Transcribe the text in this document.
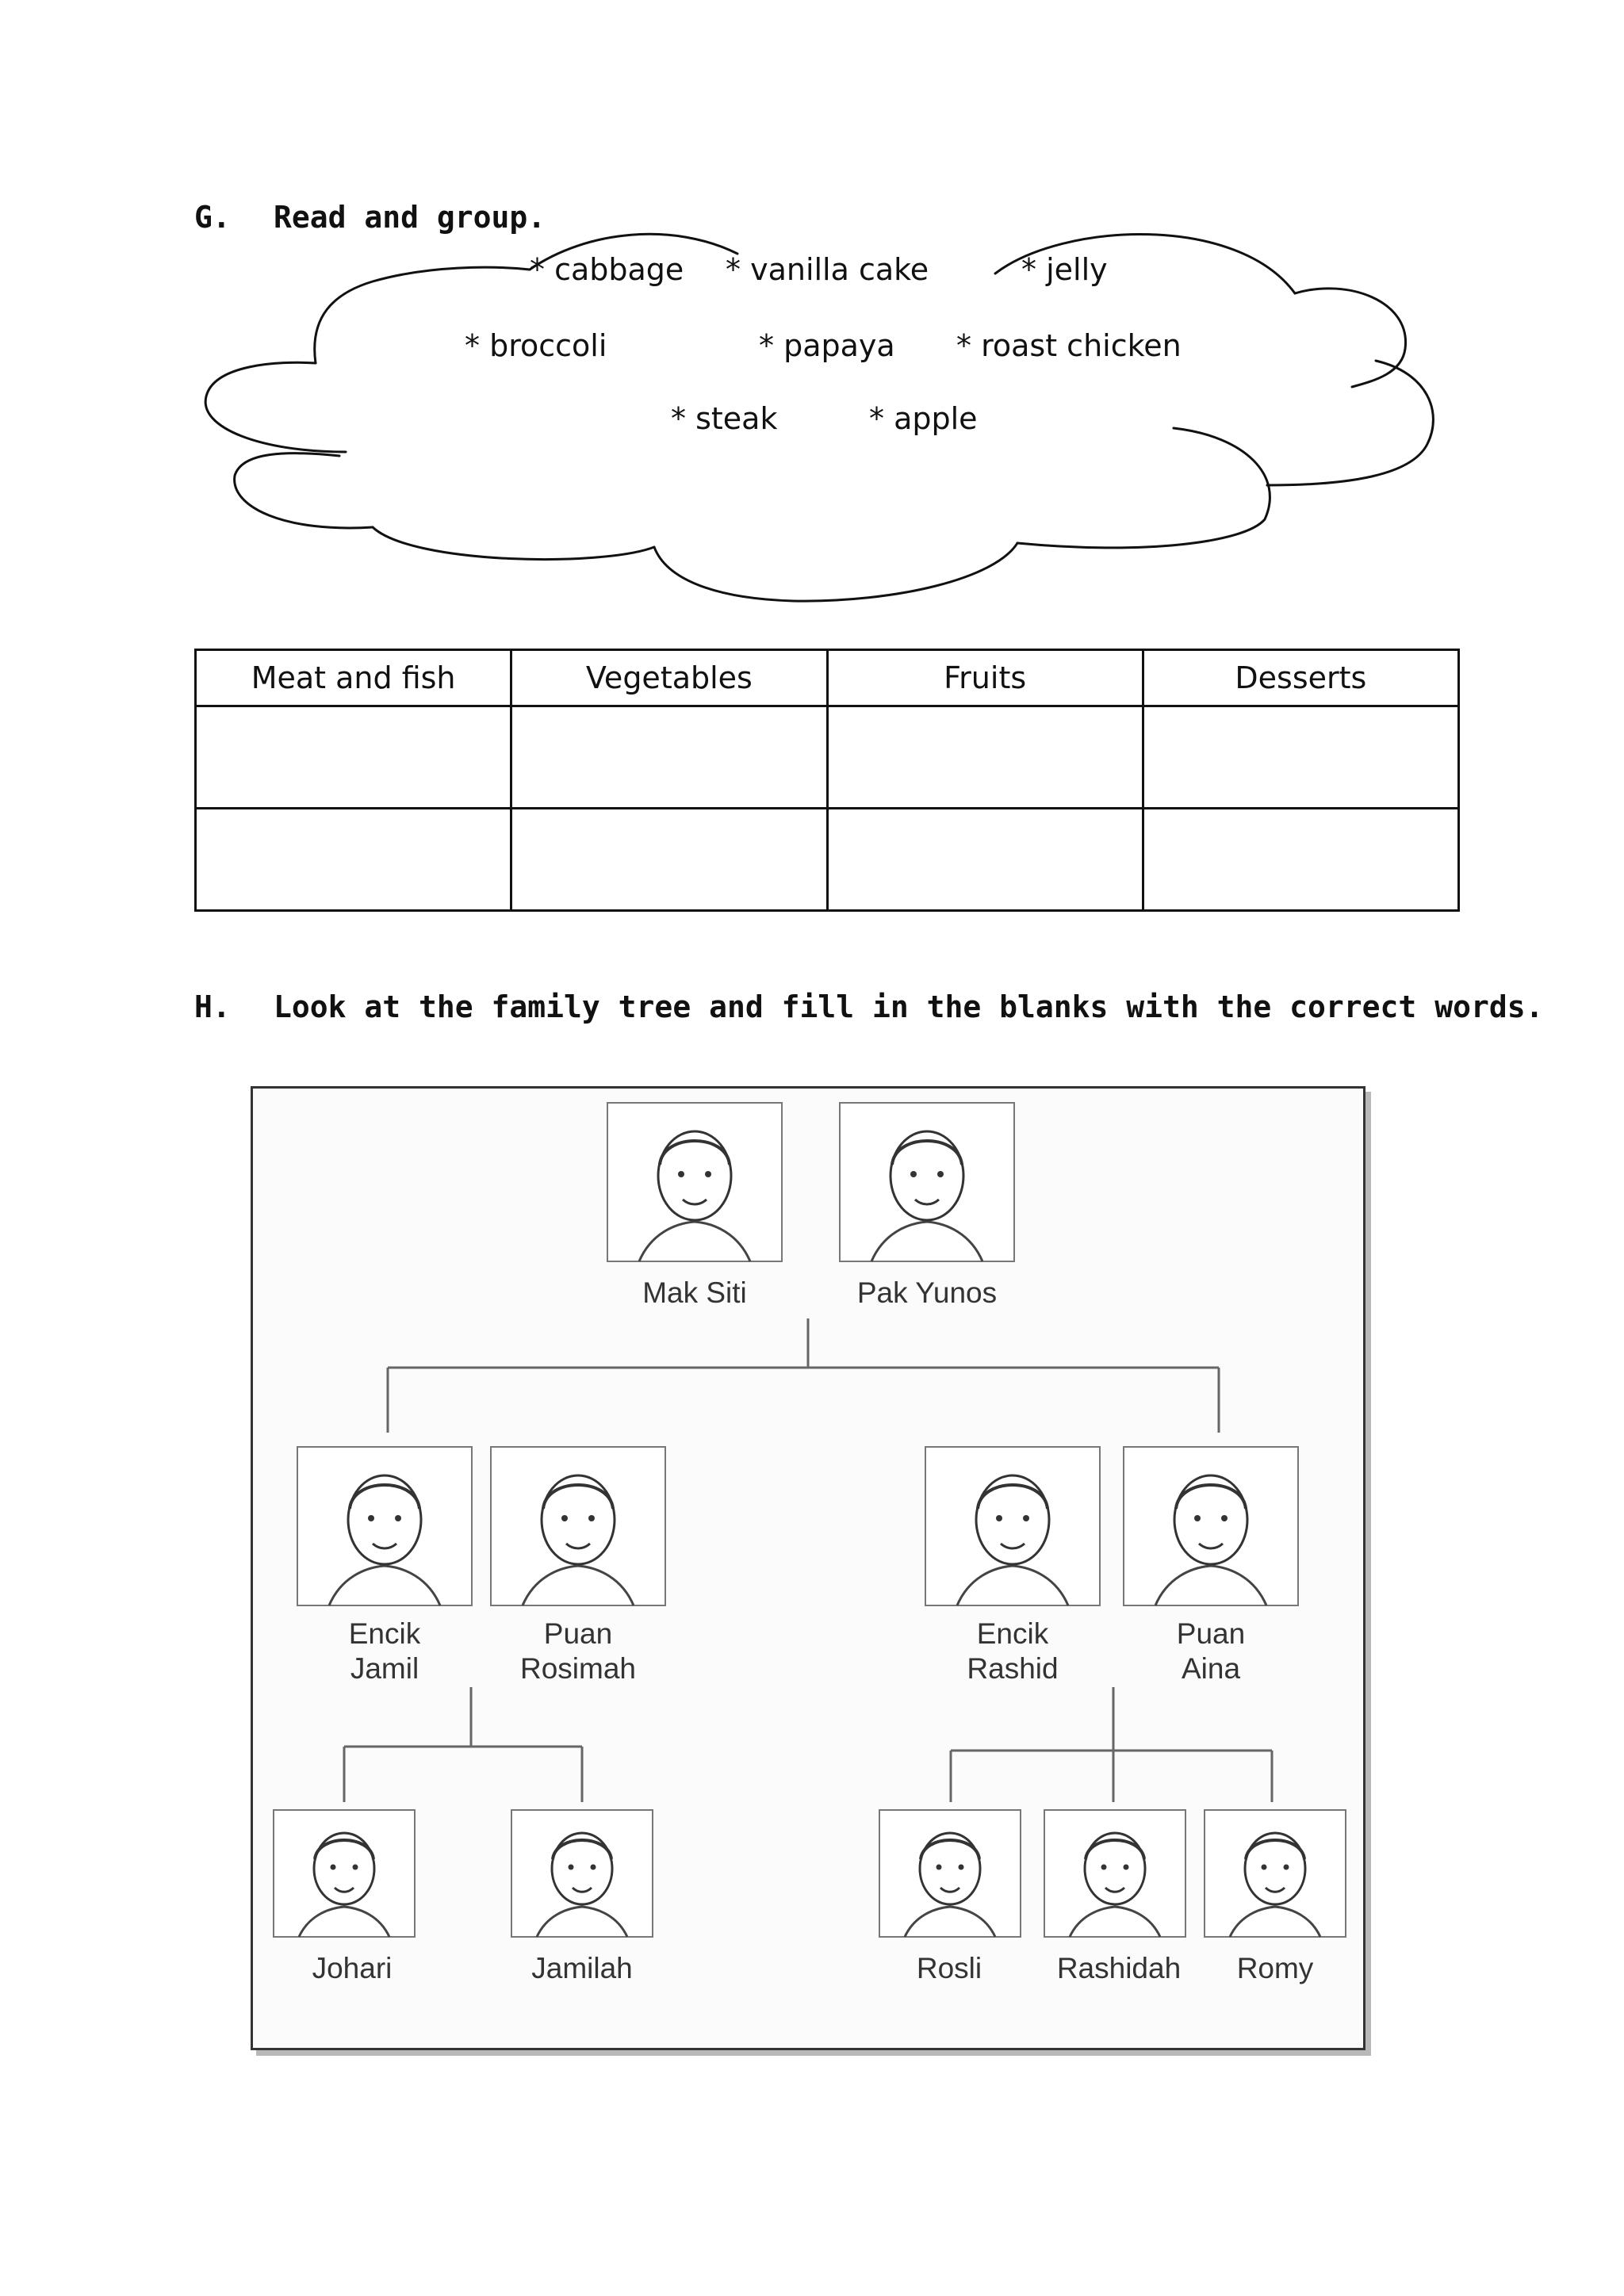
G. Read and group.
* cabbage * vanilla cake	* jelly
* broccoli	* papaya * roast chicken
* steak	* apple
Meat and fish	Vegetables	Fruits	Desserts

H. Look at the family tree and fill in the blanks with the correct words.
Mak Siti	Pak Yunos
Encik
Jamil
Puan
Rosimah
Encik
Rashid
Puan
Aina
Johari	Jamilah	Rosli	Rashidah Romy
